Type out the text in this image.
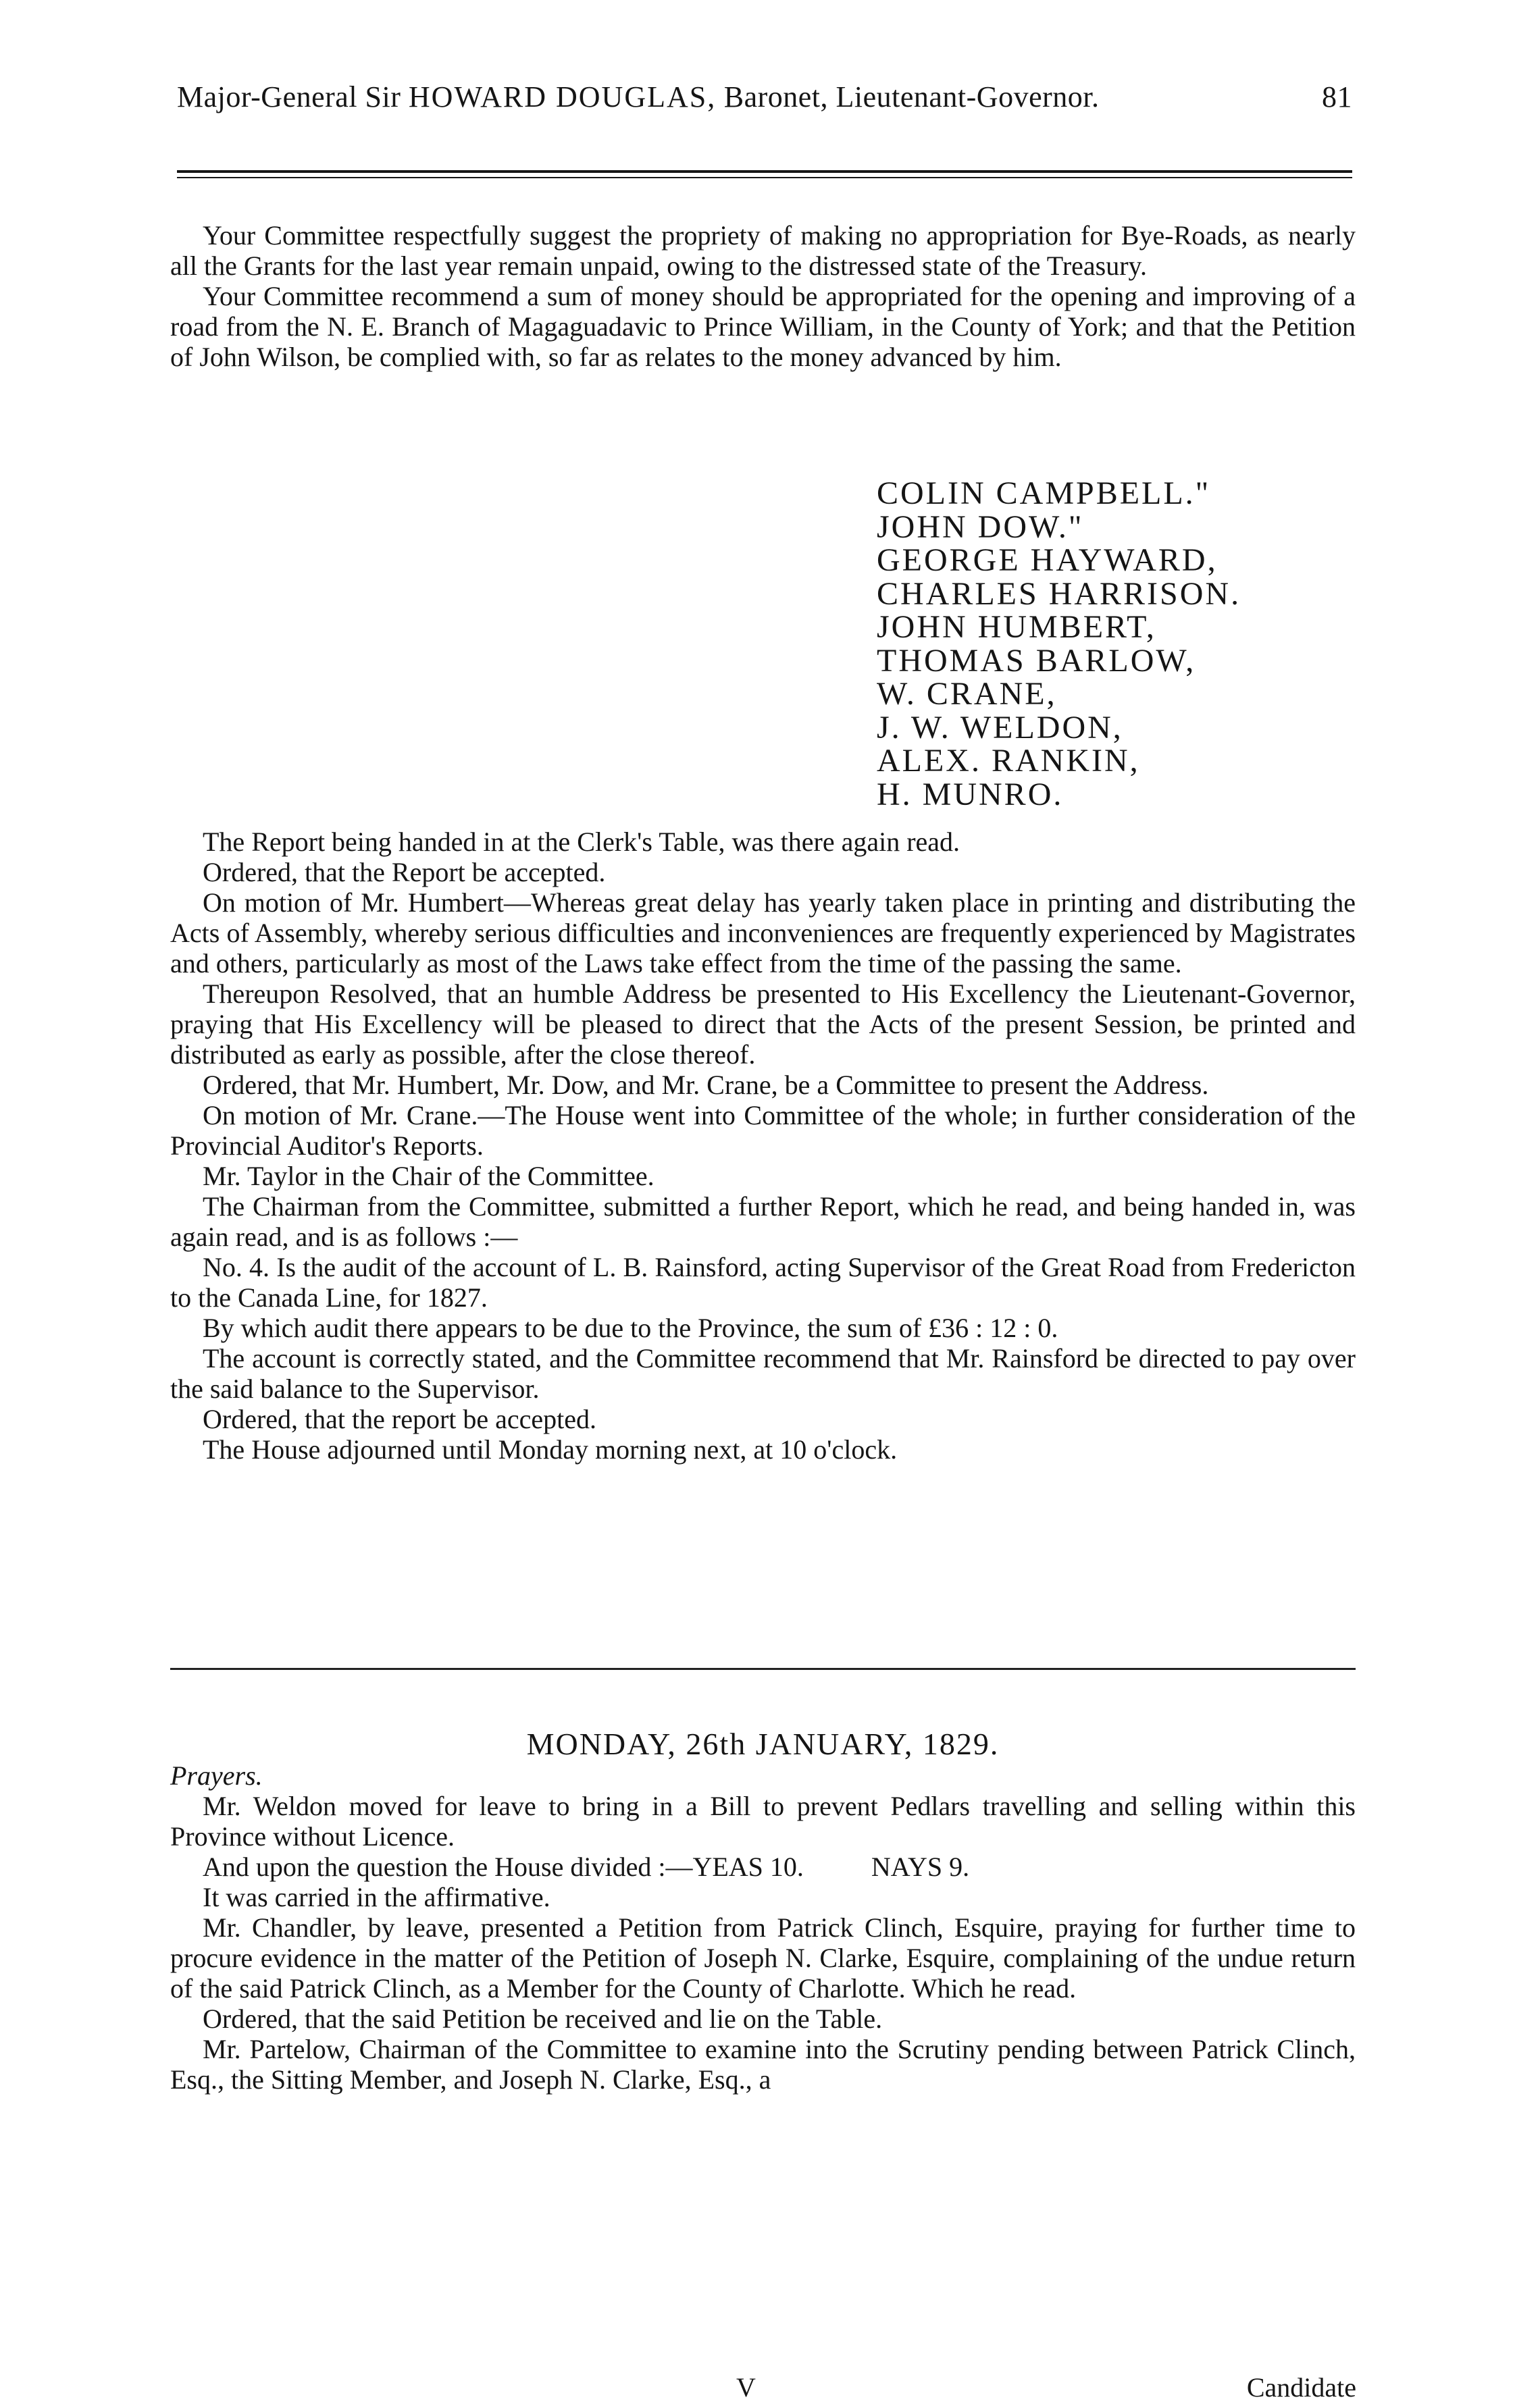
Major-General Sir HOWARD DOUGLAS, Baronet, Lieutenant-Governor.	81

Your Committee respectfully suggest the propriety of making no appropriation for Bye-Roads, as nearly all the Grants for the last year remain unpaid, owing to the distressed state of the Treasury.

Your Committee recommend a sum of money should be appropriated for the opening and improving of a road from the N. E. Branch of Magaguadavic to Prince William, in the County of York; and that the Petition of John Wilson, be complied with, so far as relates to the money advanced by him.

COLIN CAMPBELL."
JOHN DOW."
GEORGE HAYWARD,
CHARLES HARRISON.
JOHN HUMBERT,
THOMAS BARLOW,
W. CRANE,
J. W. WELDON,
ALEX. RANKIN,
H. MUNRO.

The Report being handed in at the Clerk's Table, was there again read.

Ordered, that the Report be accepted.

On motion of Mr. Humbert—Whereas great delay has yearly taken place in printing and distributing the Acts of Assembly, whereby serious difficulties and inconveniences are frequently experienced by Magistrates and others, particularly as most of the Laws take effect from the time of the passing the same.

Thereupon Resolved, that an humble Address be presented to His Excellency the Lieutenant-Governor, praying that His Excellency will be pleased to direct that the Acts of the present Session, be printed and distributed as early as possible, after the close thereof.

Ordered, that Mr. Humbert, Mr. Dow, and Mr. Crane, be a Committee to present the Address.

On motion of Mr. Crane.—The House went into Committee of the whole; in further consideration of the Provincial Auditor's Reports.

Mr. Taylor in the Chair of the Committee.

The Chairman from the Committee, submitted a further Report, which he read, and being handed in, was again read, and is as follows :—

No. 4. Is the audit of the account of L. B. Rainsford, acting Supervisor of the Great Road from Fredericton to the Canada Line, for 1827.

By which audit there appears to be due to the Province, the sum of £36 : 12 : 0.

The account is correctly stated, and the Committee recommend that Mr. Rainsford be directed to pay over the said balance to the Supervisor.

Ordered, that the report be accepted.

The House adjourned until Monday morning next, at 10 o'clock.

MONDAY, 26th JANUARY, 1829.
Prayers.

Mr. Weldon moved for leave to bring in a Bill to prevent Pedlars travelling and selling within this Province without Licence.

And upon the question the House divided :—YEAS 10.          NAYS 9.

It was carried in the affirmative.

Mr. Chandler, by leave, presented a Petition from Patrick Clinch, Esquire, praying for further time to procure evidence in the matter of the Petition of Joseph N. Clarke, Esquire, complaining of the undue return of the said Patrick Clinch, as a Member for the County of Charlotte. Which he read.

Ordered, that the said Petition be received and lie on the Table.

Mr. Partelow, Chairman of the Committee to examine into the Scrutiny pending between Patrick Clinch, Esq., the Sitting Member, and Joseph N. Clarke, Esq., a

V	Candidate
